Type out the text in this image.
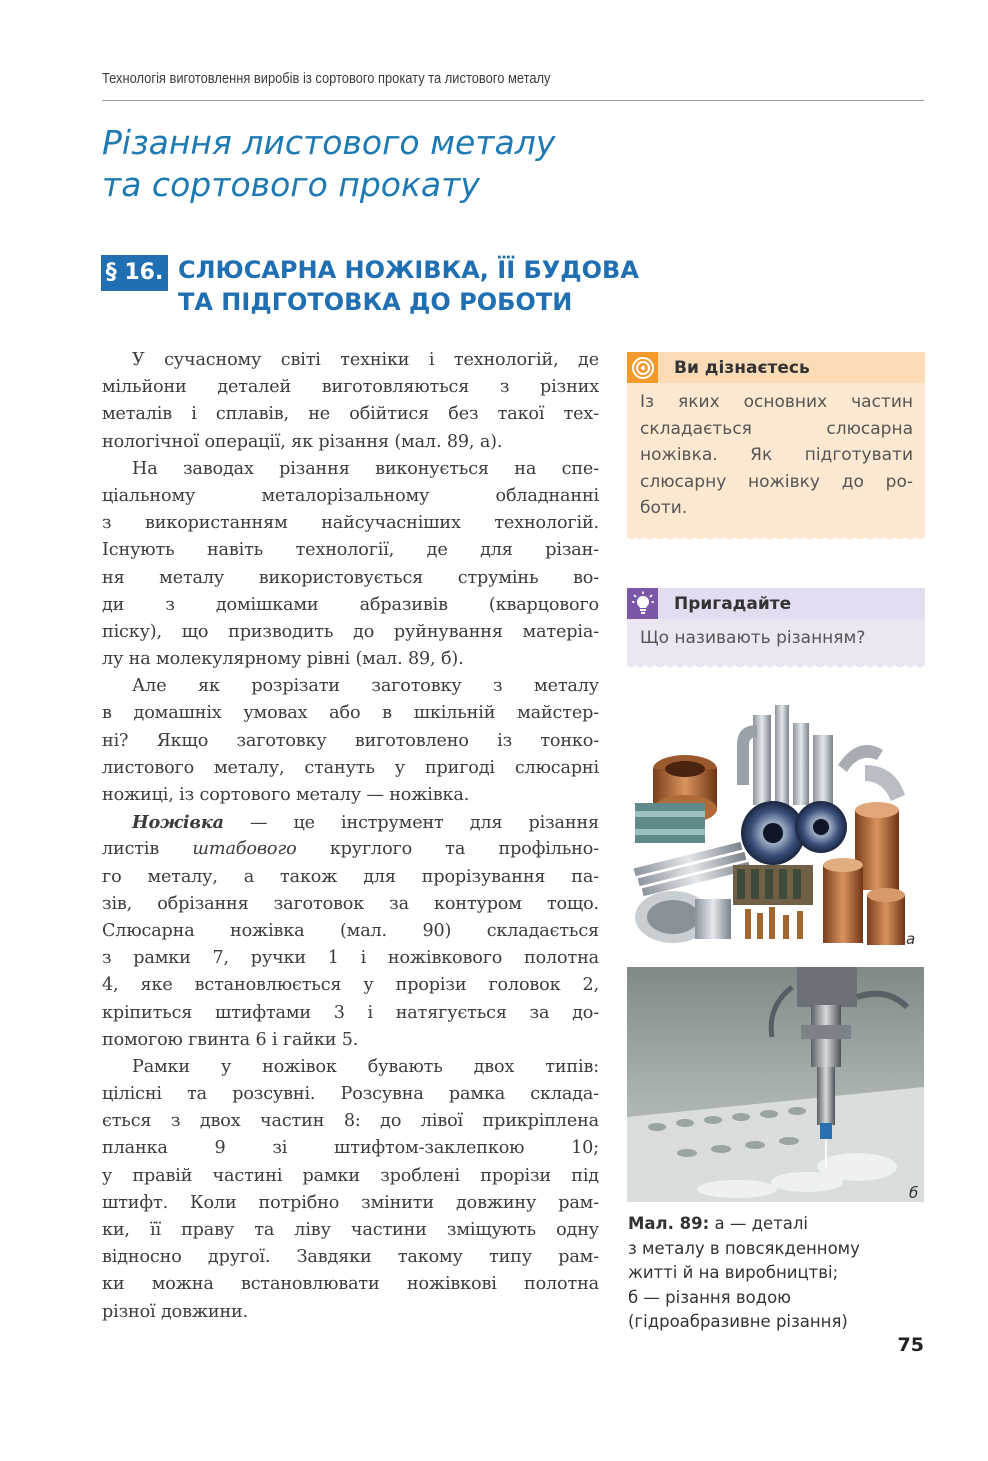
Технологія виготовлення виробів із сортового прокату та листового металу
Різання листового металу
та сортового прокату
§ 16. СЛЮСАРНА НОЖІВКА, ЇЇ БУДОВА
ТА ПІДГОТОВКА ДО РОБОТИ
У сучасному світі техніки і технологій, де
мільйони деталей виготовляються з різних
металів і сплавів, не обійтися без такої тех-
нологічної операції, як різання (мал. 89, а).
На заводах різання виконується на спе-
ціальному металорізальному обладнанні
з використанням найсучасніших технологій.
Існують навіть технології, де для різан-
ня металу використовується струмінь во-
ди з домішками абразивів (кварцового
піску), що призводить до руйнування матеріа-
лу на молекулярному рівні (мал. 89, б).
Але як розрізати заготовку з металу
в домашніх умовах або в шкільній майстер-
ні? Якщо заготовку виготовлено із тонко-
листового металу, стануть у пригоді слюсарні
ножиці, із сортового металу — ножівка.
Ножівка — це інструмент для різання
листів штабового круглого та профільно-
го металу, а також для прорізування па-
зів, обрізання заготовок за контуром тощо.
Слюсарна ножівка (мал. 90) складається
з рамки 7, ручки 1 і ножівкового полотна
4, яке встановлюється у прорізи головок 2,
кріпиться штифтами 3 і натягується за до-
помогою гвинта 6 і гайки 5.
Рамки у ножівок бувають двох типів:
цілісні та розсувні. Розсувна рамка склада-
ється з двох частин 8: до лівої прикріплена
планка 9 зі штифтом-заклепкою 10;
у правій частині рамки зроблені прорізи під
штифт. Коли потрібно змінити довжину рам-
ки, її праву та ліву частини зміщують одну
відносно другої. Завдяки такому типу рам-
ки можна встановлювати ножівкові полотна
різної довжини.
Ви дізнаєтесь
Із яких основних частин
складається слюсарна
ножівка. Як підготувати
слюсарну ножівку до ро-
боти.
Пригадайте
Що називають різанням?
а
б
Мал. 89: а — деталі
з металу в повсякденному
житті й на виробництві;
б — різання водою
(гідроабразивне різання)
75
